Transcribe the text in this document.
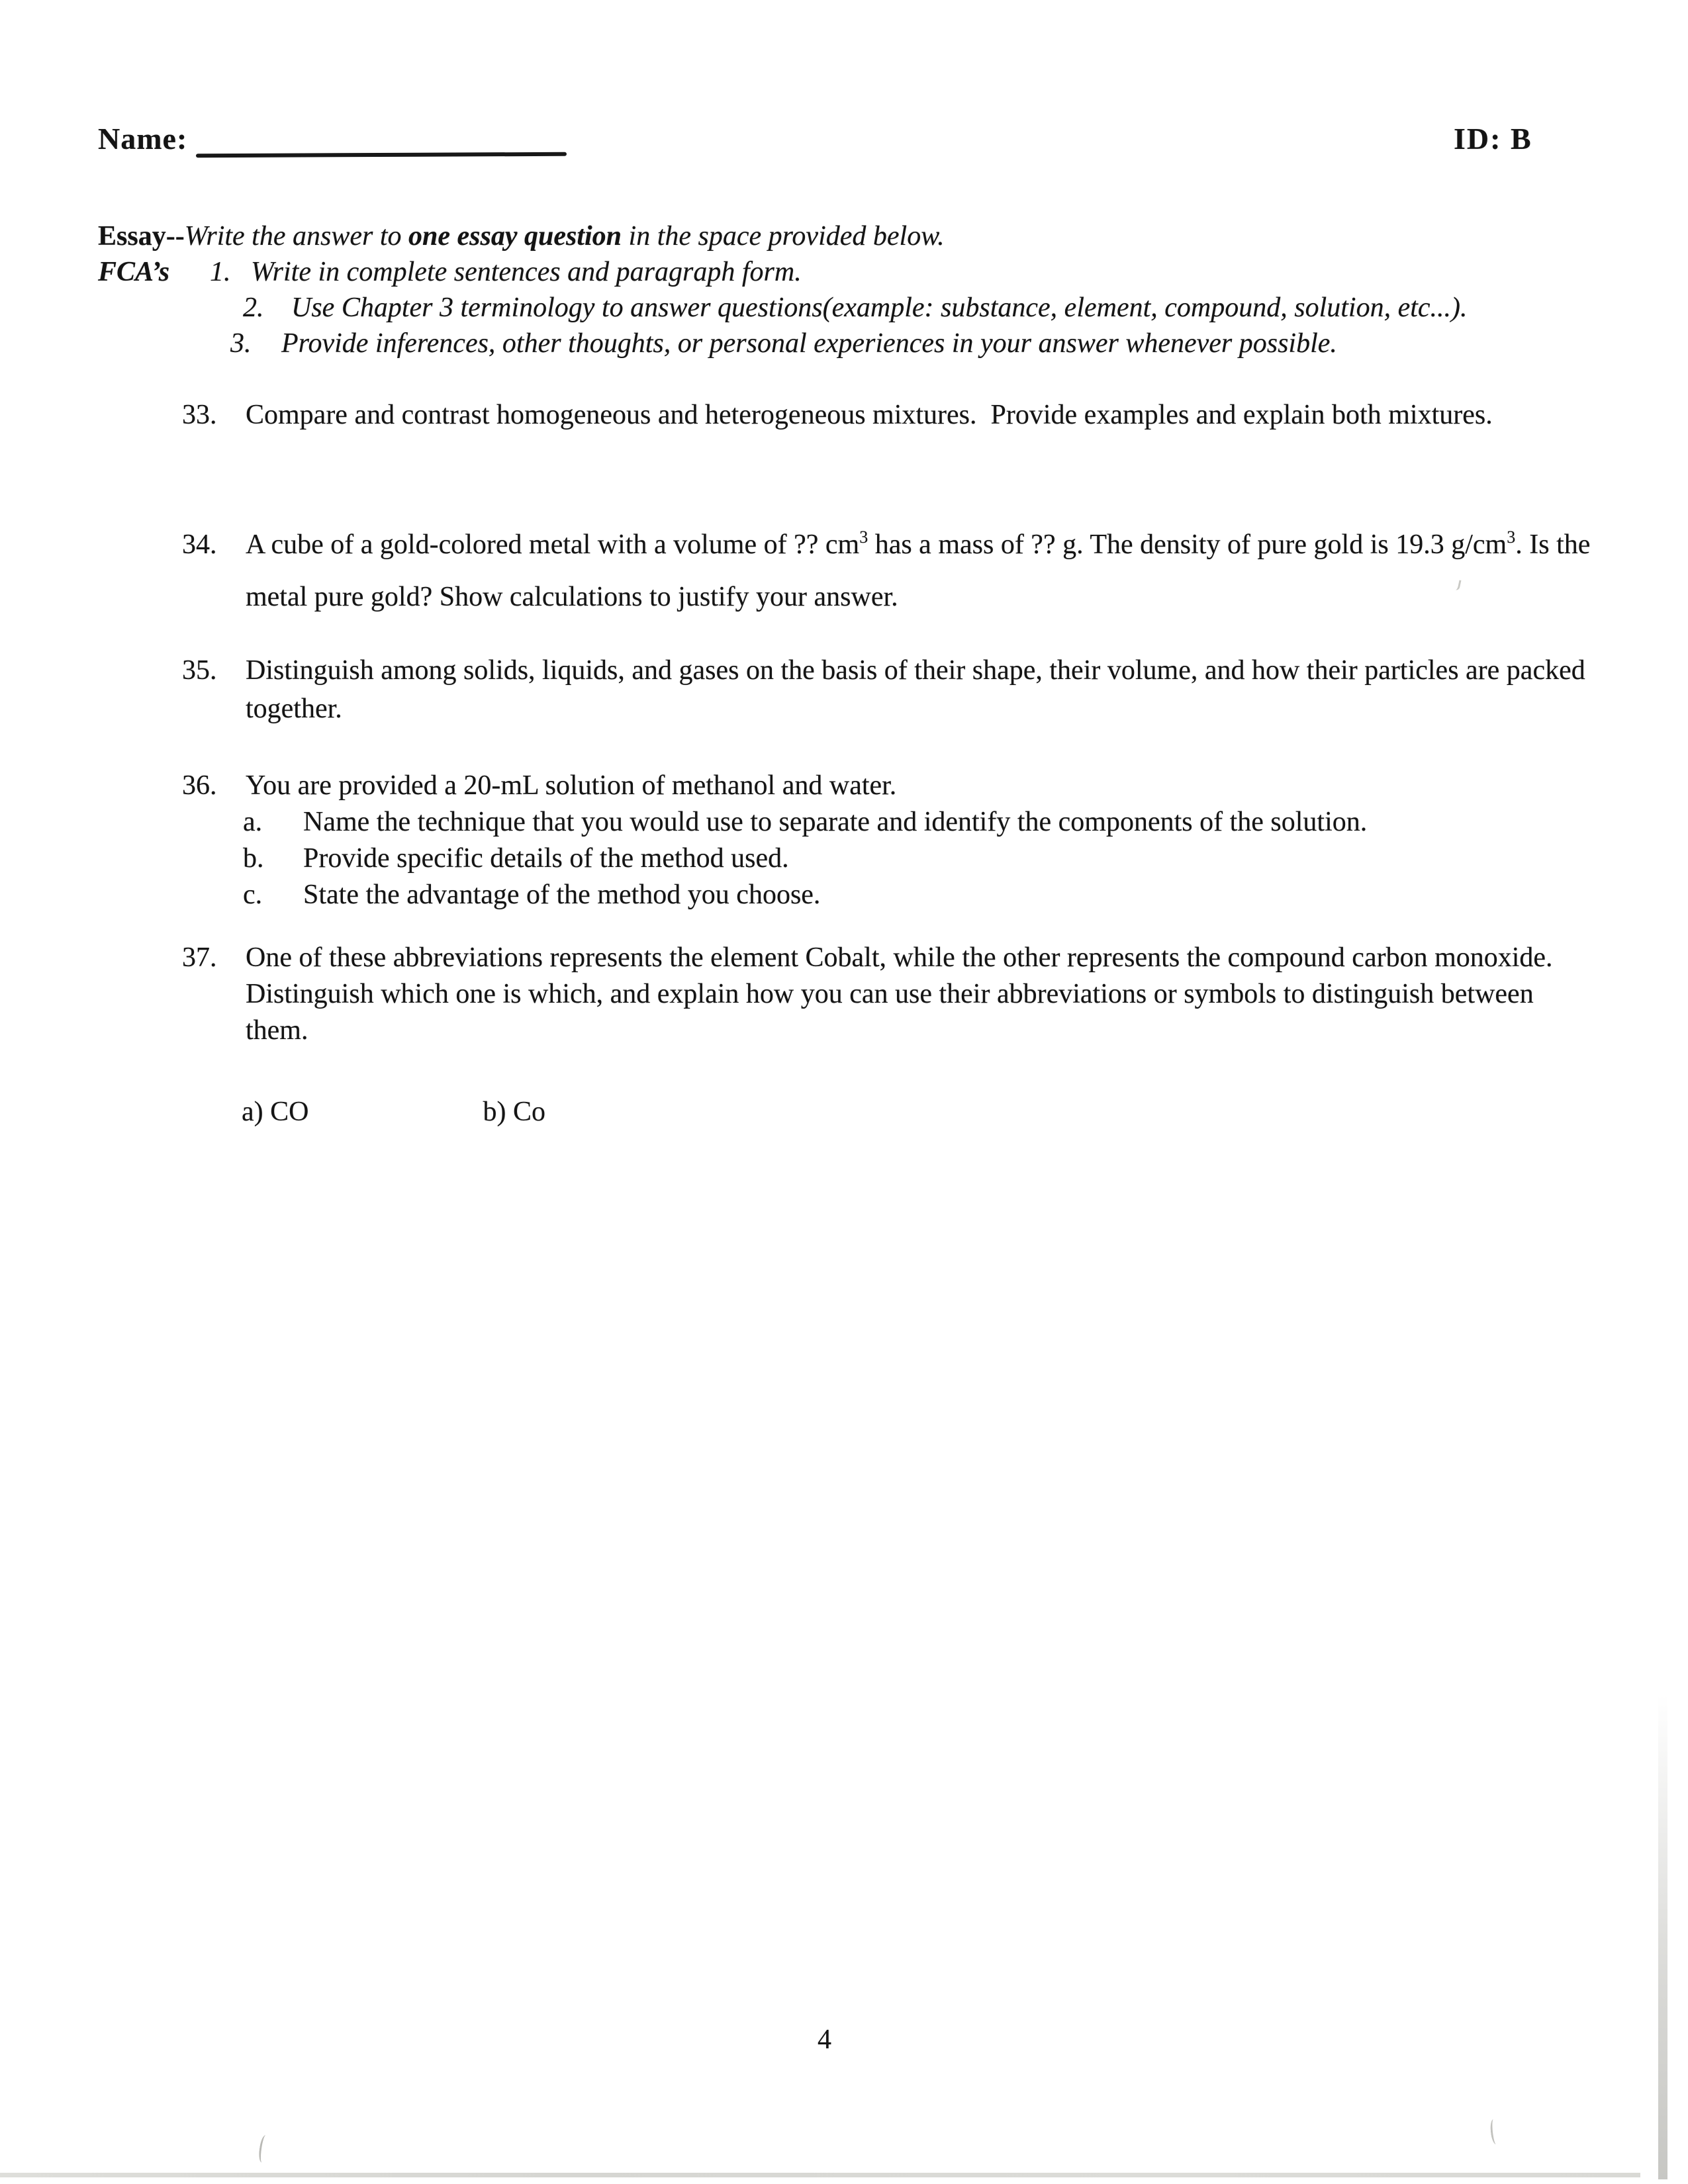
Name:	ID: B
Essay--Write the answer to one essay question in the space provided below.
FCA’s 1. Write in complete sentences and paragraph form.
2. Use Chapter 3 terminology to answer questions(example: substance, element, compound, solution, etc...).
3. Provide inferences, other thoughts, or personal experiences in your answer whenever possible.
33.	Compare and contrast homogeneous and heterogeneous mixtures.  Provide examples and explain both mixtures.
34.	A cube of a gold-colored metal with a volume of ?? $cm^3$ has a mass of ?? g. The density of pure gold is 19.3 $g/cm^3$. Is the metal pure gold? Show calculations to justify your answer.
35.	Distinguish among solids, liquids, and gases on the basis of their shape, their volume, and how their particles are packed together.
36.	You are provided a 20-mL solution of methanol and water.
a.	Name the technique that you would use to separate and identify the components of the solution.
b.	Provide specific details of the method used.
c.	State the advantage of the method you choose.
37.	One of these abbreviations represents the element Cobalt, while the other represents the compound carbon monoxide. Distinguish which one is which, and explain how you can use their abbreviations or symbols to distinguish between them.
a) CO	b) Co
4
